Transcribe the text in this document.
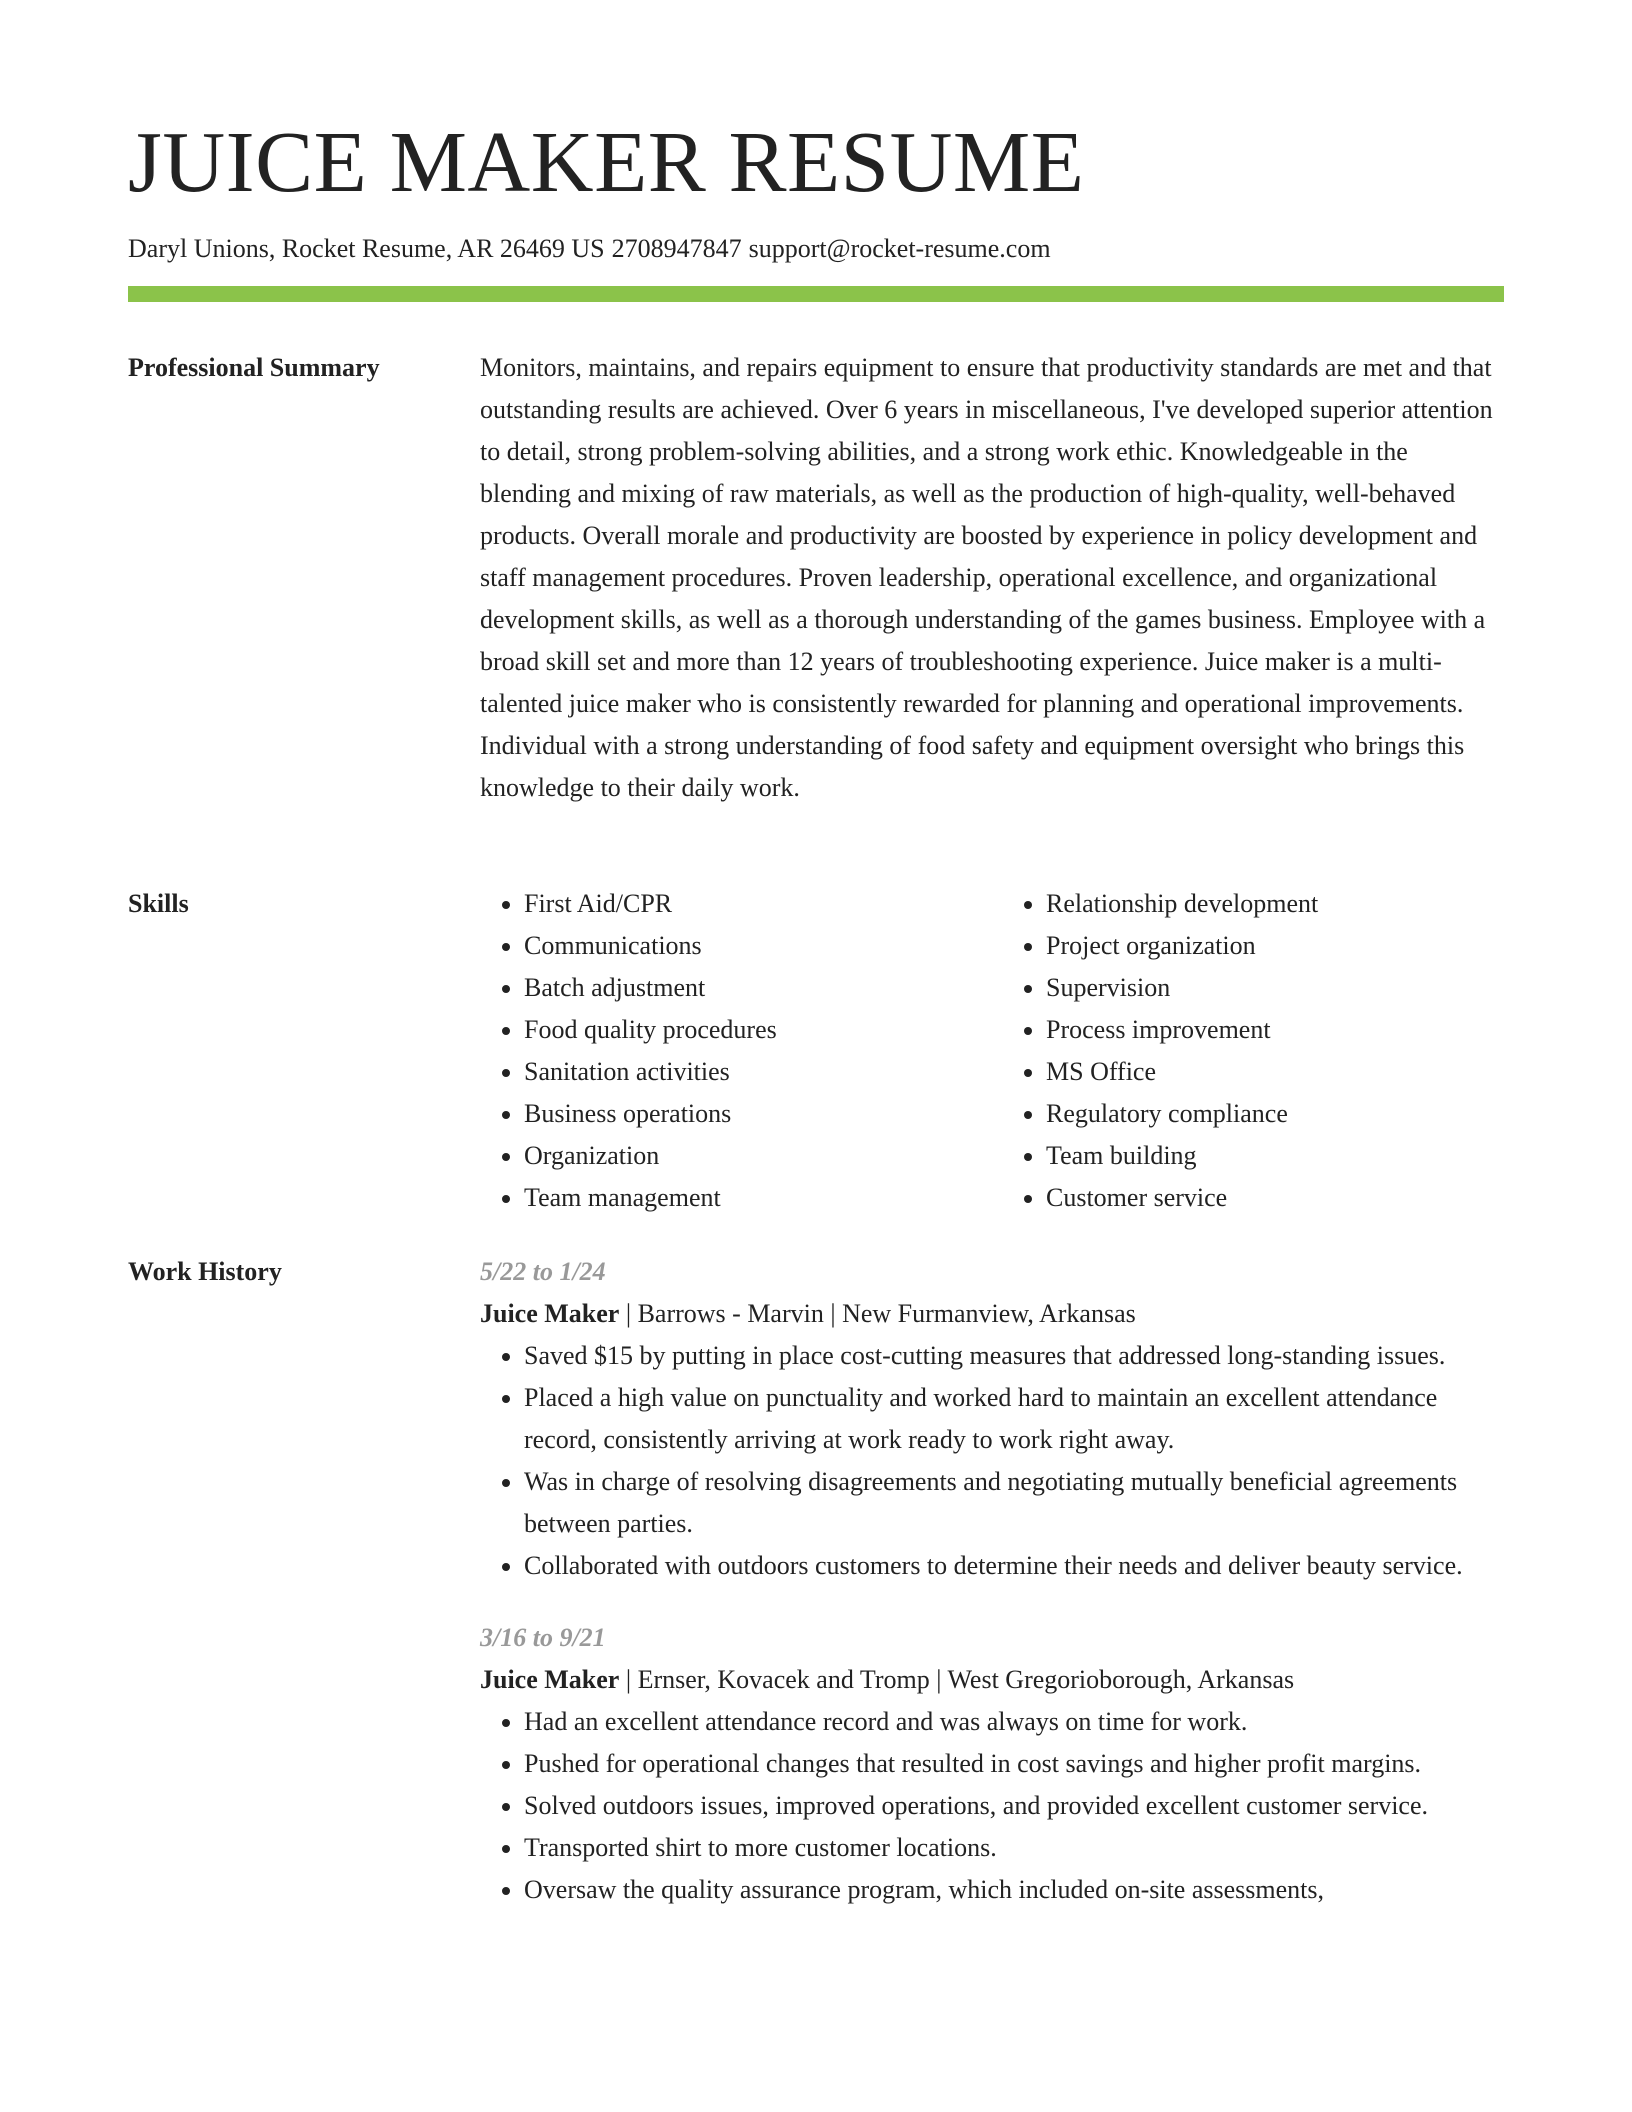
JUICE MAKER RESUME
Daryl Unions, Rocket Resume, AR 26469 US 2708947847 support@rocket-resume.com
Professional Summary	Monitors, maintains, and repairs equipment to ensure that productivity standards are met and that outstanding results are achieved. Over 6 years in miscellaneous, I've developed superior attention to detail, strong problem-solving abilities, and a strong work ethic. Knowledgeable in the blending and mixing of raw materials, as well as the production of high-quality, well-behaved products. Overall morale and productivity are boosted by experience in policy development and staff management procedures. Proven leadership, operational excellence, and organizational development skills, as well as a thorough understanding of the games business. Employee with a broad skill set and more than 12 years of troubleshooting experience. Juice maker is a multi-talented juice maker who is consistently rewarded for planning and operational improvements. Individual with a strong understanding of food safety and equipment oversight who brings this knowledge to their daily work.

Skills
•	First Aid/CPR
• Communications
• Batch adjustment
• Food quality procedures
• Sanitation activities
• Business operations
• Organization
• Team management
• Relationship development
• Project organization
• Supervision
• Process improvement
• MS Office
• Regulatory compliance
• Team building
• Customer service
Work History	5/22 to 1/24
Juice Maker | Barrows - Marvin | New Furmanview, Arkansas
• Saved $15 by putting in place cost-cutting measures that addressed long-standing issues.
• Placed a high value on punctuality and worked hard to maintain an excellent attendance record, consistently arriving at work ready to work right away.
• Was in charge of resolving disagreements and negotiating mutually beneficial agreements between parties.
• Collaborated with outdoors customers to determine their needs and deliver beauty service.
3/16 to 9/21
Juice Maker | Ernser, Kovacek and Tromp | West Gregorioborough, Arkansas
• Had an excellent attendance record and was always on time for work.
• Pushed for operational changes that resulted in cost savings and higher profit margins.
• Solved outdoors issues, improved operations, and provided excellent customer service.
• Transported shirt to more customer locations.
• Oversaw the quality assurance program, which included on-site assessments,
